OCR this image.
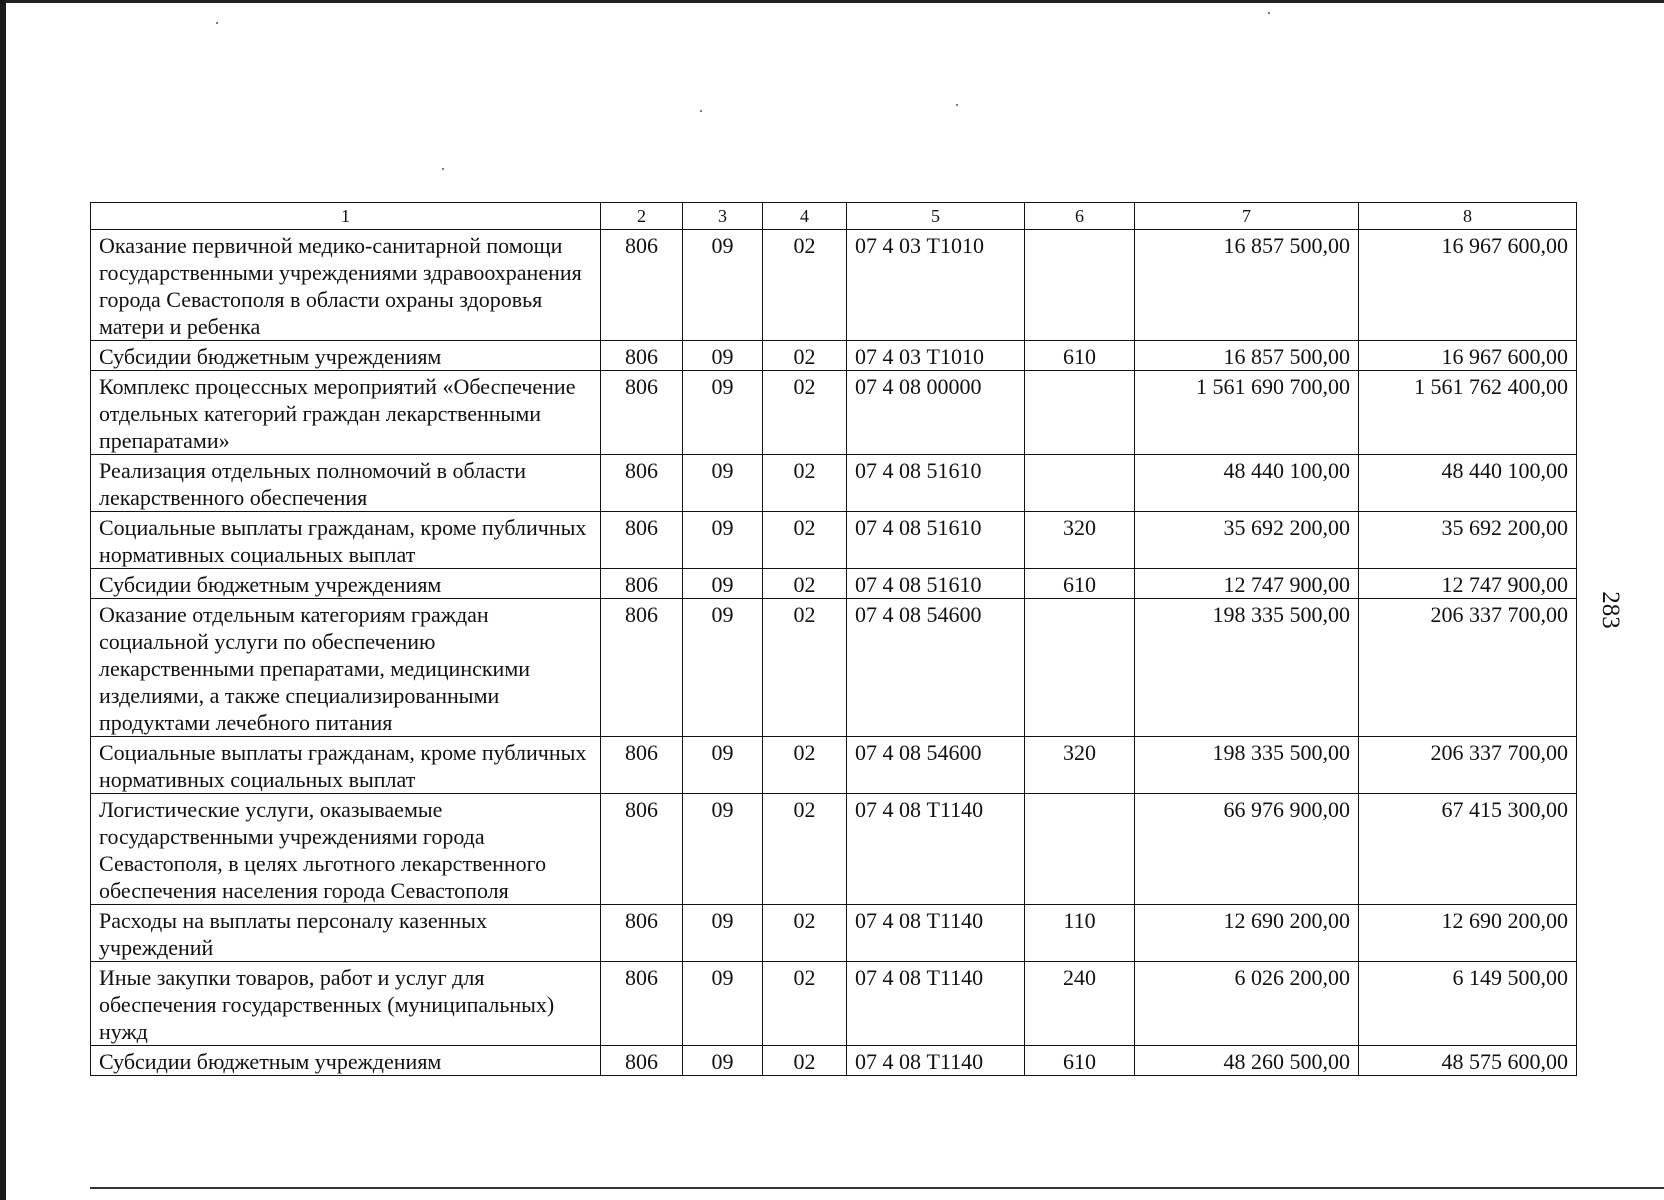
283
1	2	3	4	5	6	7	8
Оказание первичной медико-санитарной помощи государственными учреждениями здравоохранения города Севастополя в области охраны здоровья матери и ребенка	806	09	02	07 4 03 Т1010		16 857 500,00	16 967 600,00
Субсидии бюджетным учреждениям	806	09	02	07 4 03 Т1010	610	16 857 500,00	16 967 600,00
Комплекс процессных мероприятий «Обеспечение отдельных категорий граждан лекарственными препаратами»	806	09	02	07 4 08 00000		1 561 690 700,00	1 561 762 400,00
Реализация отдельных полномочий в области лекарственного обеспечения	806	09	02	07 4 08 51610		48 440 100,00	48 440 100,00
Социальные выплаты гражданам, кроме публичных нормативных социальных выплат	806	09	02	07 4 08 51610	320	35 692 200,00	35 692 200,00
Субсидии бюджетным учреждениям	806	09	02	07 4 08 51610	610	12 747 900,00	12 747 900,00
Оказание отдельным категориям граждан социальной услуги по обеспечению лекарственными препаратами, медицинскими изделиями, а также специализированными продуктами лечебного питания	806	09	02	07 4 08 54600		198 335 500,00	206 337 700,00
Социальные выплаты гражданам, кроме публичных нормативных социальных выплат	806	09	02	07 4 08 54600	320	198 335 500,00	206 337 700,00
Логистические услуги, оказываемые государственными учреждениями города Севастополя, в целях льготного лекарственного обеспечения населения города Севастополя	806	09	02	07 4 08 Т1140		66 976 900,00	67 415 300,00
Расходы на выплаты персоналу казенных учреждений	806	09	02	07 4 08 Т1140	110	12 690 200,00	12 690 200,00
Иные закупки товаров, работ и услуг для обеспечения государственных (муниципальных) нужд	806	09	02	07 4 08 Т1140	240	6 026 200,00	6 149 500,00
Субсидии бюджетным учреждениям	806	09	02	07 4 08 Т1140	610	48 260 500,00	48 575 600,00
